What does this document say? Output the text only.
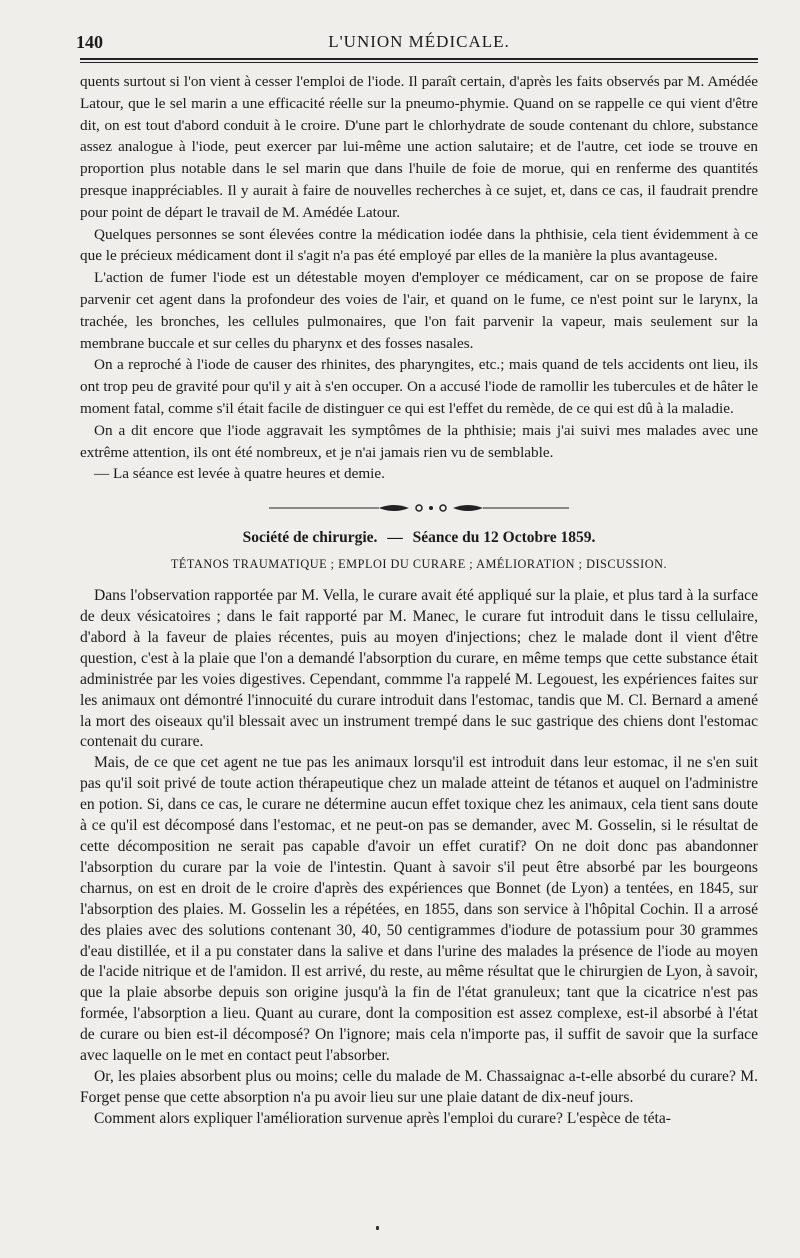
140	L'UNION MÉDICALE.

quents surtout si l'on vient à cesser l'emploi de l'iode. Il paraît certain, d'après les faits observés par M. Amédée Latour, que le sel marin a une efficacité réelle sur la pneumo-phymie. Quand on se rappelle ce qui vient d'être dit, on est tout d'abord conduit à le croire. D'une part le chlorhydrate de soude contenant du chlore, substance assez analogue à l'iode, peut exercer par lui-même une action salutaire; et de l'autre, cet iode se trouve en proportion plus notable dans le sel marin que dans l'huile de foie de morue, qui en renferme des quantités presque inappréciables. Il y aurait à faire de nouvelles recherches à ce sujet, et, dans ce cas, il faudrait prendre pour point de départ le travail de M. Amédée Latour.

Quelques personnes se sont élevées contre la médication iodée dans la phthisie, cela tient évidemment à ce que le précieux médicament dont il s'agit n'a pas été employé par elles de la manière la plus avantageuse.

L'action de fumer l'iode est un détestable moyen d'employer ce médicament, car on se propose de faire parvenir cet agent dans la profondeur des voies de l'air, et quand on le fume, ce n'est point sur le larynx, la trachée, les bronches, les cellules pulmonaires, que l'on fait parvenir la vapeur, mais seulement sur la membrane buccale et sur celles du pharynx et des fosses nasales.

On a reproché à l'iode de causer des rhinites, des pharyngites, etc.; mais quand de tels accidents ont lieu, ils ont trop peu de gravité pour qu'il y ait à s'en occuper. On a accusé l'iode de ramollir les tubercules et de hâter le moment fatal, comme s'il était facile de distinguer ce qui est l'effet du remède, de ce qui est dû à la maladie.

On a dit encore que l'iode aggravait les symptômes de la phthisie; mais j'ai suivi mes malades avec une extrême attention, ils ont été nombreux, et je n'ai jamais rien vu de semblable.

— La séance est levée à quatre heures et demie.

Société de chirurgie. — Séance du 12 Octobre 1859.
TÉTANOS TRAUMATIQUE ; EMPLOI DU CURARE ; AMÉLIORATION ; DISCUSSION.

Dans l'observation rapportée par M. Vella, le curare avait été appliqué sur la plaie, et plus tard à la surface de deux vésicatoires ; dans le fait rapporté par M. Manec, le curare fut introduit dans le tissu cellulaire, d'abord à la faveur de plaies récentes, puis au moyen d'injections; chez le malade dont il vient d'être question, c'est à la plaie que l'on a demandé l'absorption du curare, en même temps que cette substance était administrée par les voies digestives. Cependant, commme l'a rappelé M. Legouest, les expériences faites sur les animaux ont démontré l'innocuité du curare introduit dans l'estomac, tandis que M. Cl. Bernard a amené la mort des oiseaux qu'il blessait avec un instrument trempé dans le suc gastrique des chiens dont l'estomac contenait du curare.

Mais, de ce que cet agent ne tue pas les animaux lorsqu'il est introduit dans leur estomac, il ne s'en suit pas qu'il soit privé de toute action thérapeutique chez un malade atteint de tétanos et auquel on l'administre en potion. Si, dans ce cas, le curare ne détermine aucun effet toxique chez les animaux, cela tient sans doute à ce qu'il est décomposé dans l'estomac, et ne peut-on pas se demander, avec M. Gosselin, si le résultat de cette décomposition ne serait pas capable d'avoir un effet curatif? On ne doit donc pas abandonner l'absorption du curare par la voie de l'intestin. Quant à savoir s'il peut être absorbé par les bourgeons charnus, on est en droit de le croire d'après des expériences que Bonnet (de Lyon) a tentées, en 1845, sur l'absorption des plaies. M. Gosselin les a répétées, en 1855, dans son service à l'hôpital Cochin. Il a arrosé des plaies avec des solutions contenant 30, 40, 50 centigrammes d'iodure de potassium pour 30 grammes d'eau distillée, et il a pu constater dans la salive et dans l'urine des malades la présence de l'iode au moyen de l'acide nitrique et de l'amidon. Il est arrivé, du reste, au même résultat que le chirurgien de Lyon, à savoir, que la plaie absorbe depuis son origine jusqu'à la fin de l'état granuleux; tant que la cicatrice n'est pas formée, l'absorption a lieu. Quant au curare, dont la composition est assez complexe, est-il absorbé à l'état de curare ou bien est-il décomposé? On l'ignore; mais cela n'importe pas, il suffit de savoir que la surface avec laquelle on le met en contact peut l'absorber.

Or, les plaies absorbent plus ou moins; celle du malade de M. Chassaignac a-t-elle absorbé du curare? M. Forget pense que cette absorption n'a pu avoir lieu sur une plaie datant de dix-neuf jours.

Comment alors expliquer l'amélioration survenue après l'emploi du curare? L'espèce de téta-
